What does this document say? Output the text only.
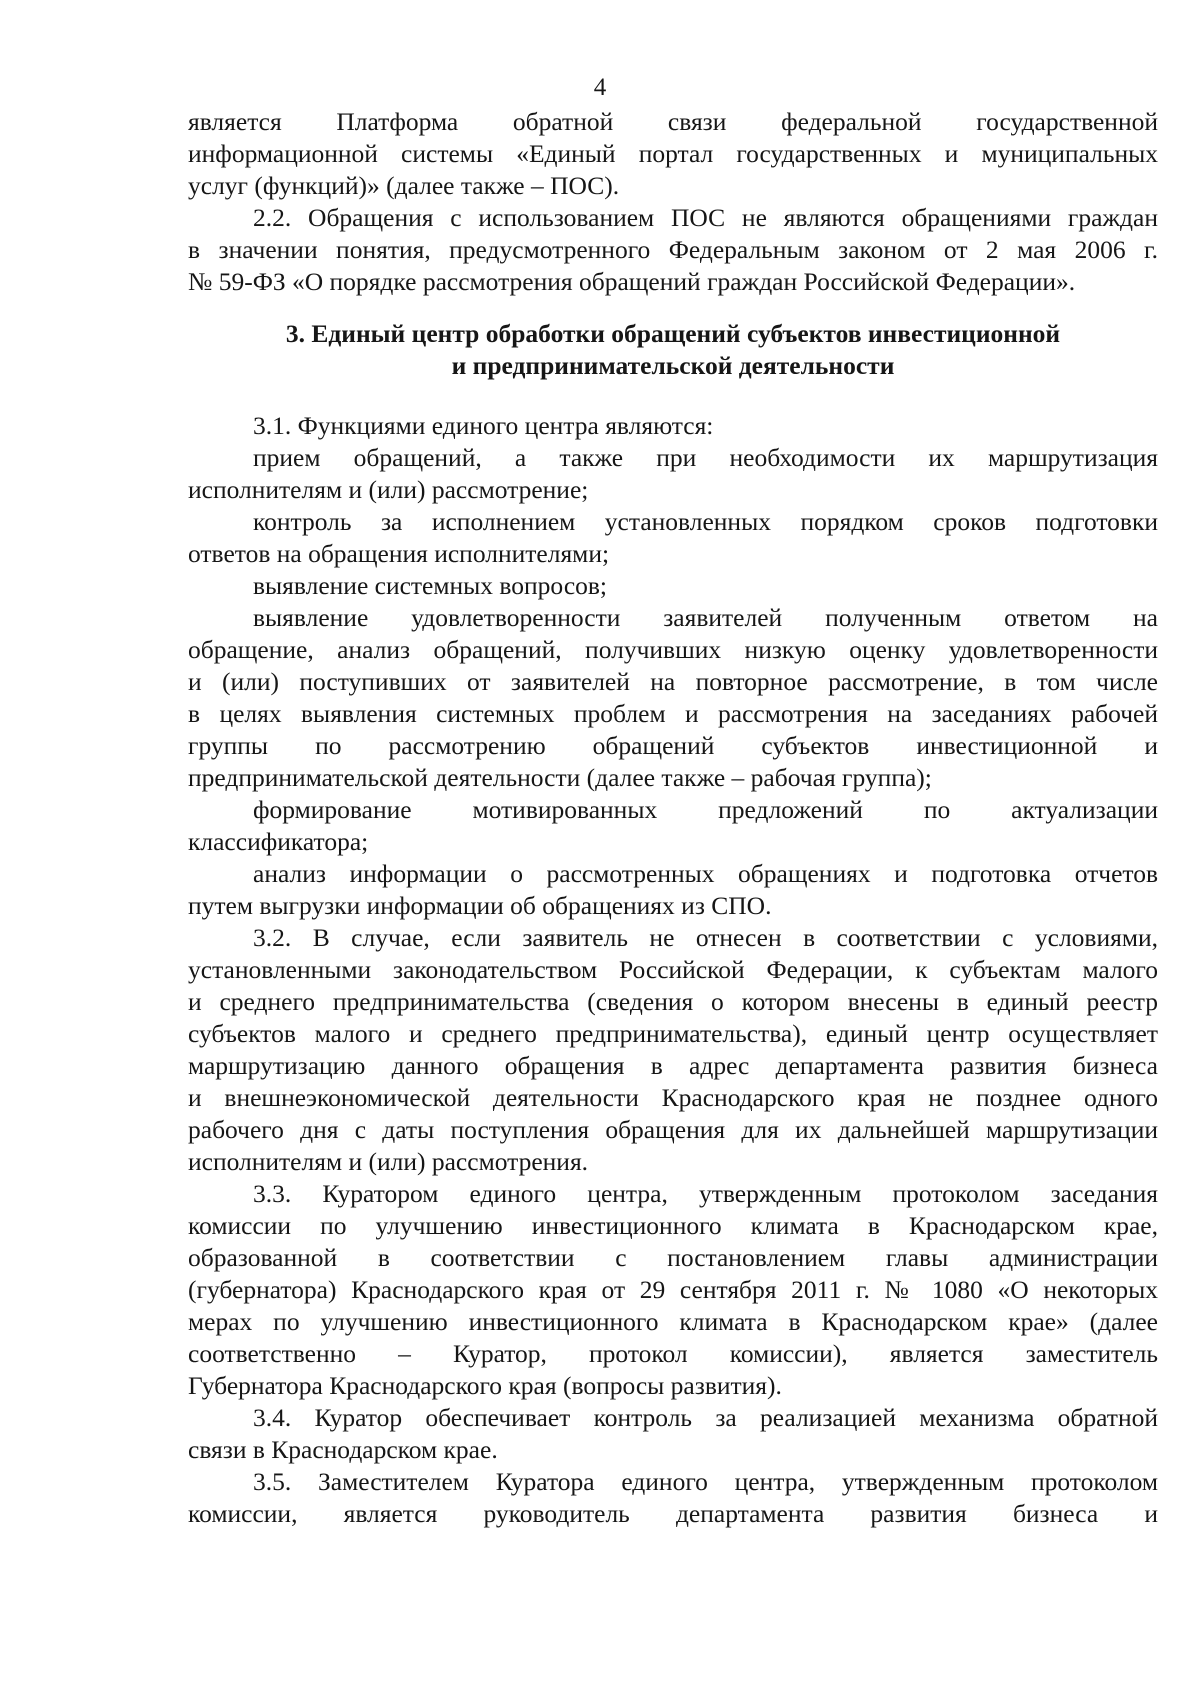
4
является Платформа обратной связи федеральной государственной
информационной системы «Единый портал государственных и муниципальных
услуг (функций)» (далее также – ПОС).
2.2. Обращения с использованием ПОС не являются обращениями граждан
в значении понятия, предусмотренного Федеральным законом от 2 мая 2006 г.
№ 59-ФЗ «О порядке рассмотрения обращений граждан Российской Федерации».
3. Единый центр обработки обращений субъектов инвестиционной
и предпринимательской деятельности
3.1. Функциями единого центра являются:
прием обращений, а также при необходимости их маршрутизация
исполнителям и (или) рассмотрение;
контроль за исполнением установленных порядком сроков подготовки
ответов на обращения исполнителями;
выявление системных вопросов;
выявление удовлетворенности заявителей полученным ответом на
обращение, анализ обращений, получивших низкую оценку удовлетворенности
и (или) поступивших от заявителей на повторное рассмотрение, в том числе
в целях выявления системных проблем и рассмотрения на заседаниях рабочей
группы по рассмотрению обращений субъектов инвестиционной и
предпринимательской деятельности (далее также – рабочая группа);
формирование мотивированных предложений по актуализации
классификатора;
анализ информации о рассмотренных обращениях и подготовка отчетов
путем выгрузки информации об обращениях из СПО.
3.2. В случае, если заявитель не отнесен в соответствии с условиями,
установленными законодательством Российской Федерации, к субъектам малого
и среднего предпринимательства (сведения о котором внесены в единый реестр
субъектов малого и среднего предпринимательства), единый центр осуществляет
маршрутизацию данного обращения в адрес департамента развития бизнеса
и внешнеэкономической деятельности Краснодарского края не позднее одного
рабочего дня с даты поступления обращения для их дальнейшей маршрутизации
исполнителям и (или) рассмотрения.
3.3. Куратором единого центра, утвержденным протоколом заседания
комиссии по улучшению инвестиционного климата в Краснодарском крае,
образованной в соответствии с постановлением главы администрации
(губернатора) Краснодарского края от 29 сентября 2011 г. № 1080 «О некоторых
мерах по улучшению инвестиционного климата в Краснодарском крае» (далее
соответственно – Куратор, протокол комиссии), является заместитель
Губернатора Краснодарского края (вопросы развития).
3.4. Куратор обеспечивает контроль за реализацией механизма обратной
связи в Краснодарском крае.
3.5. Заместителем Куратора единого центра, утвержденным протоколом
комиссии, является руководитель департамента развития бизнеса и
